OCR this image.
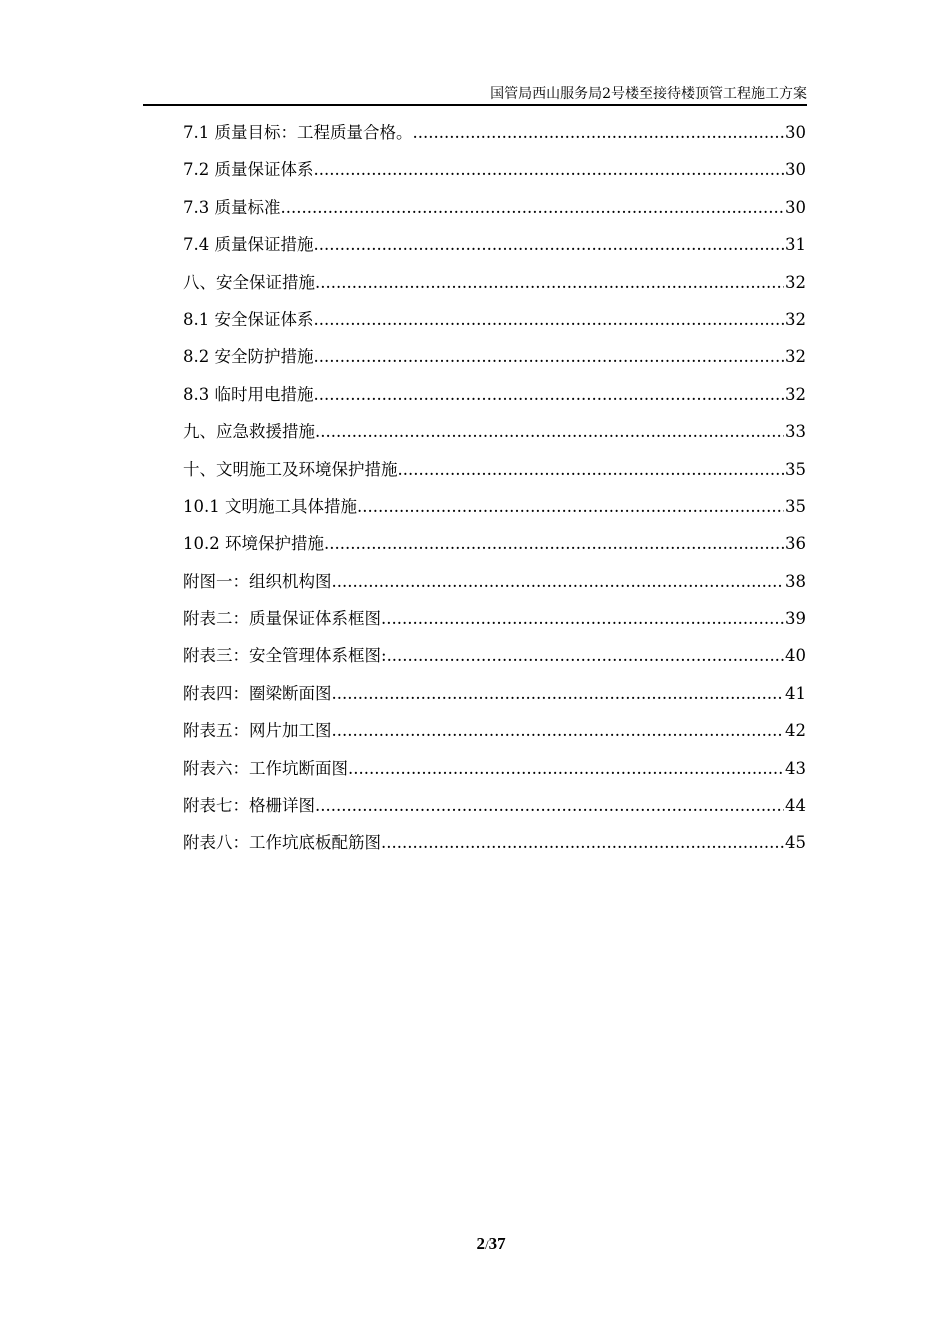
国管局西山服务局2号楼至接待楼顶管工程施工方案
7.1 质量目标：工程质量合格。 .....	30
7.2 质量保证体系 .....	30
7.3 质量标准 .....	30
7.4 质量保证措施 .....	31
八、安全保证措施 .....	32
8.1 安全保证体系 .....	32
8.2 安全防护措施 .....	32
8.3 临时用电措施 .....	32
九、应急救援措施 .....	33
十、文明施工及环境保护措施 .....	35
10.1 文明施工具体措施 .....	35
10.2 环境保护措施 .....	36
附图一：组织机构图 .....	38
附表二：质量保证体系框图 .....	39
附表三：安全管理体系框图: .....	40
附表四：圈梁断面图 .....	41
附表五：网片加工图 .....	42
附表六：工作坑断面图 .....	43
附表七：格栅详图 .....	44
附表八：工作坑底板配筋图 .....	45
2/37
